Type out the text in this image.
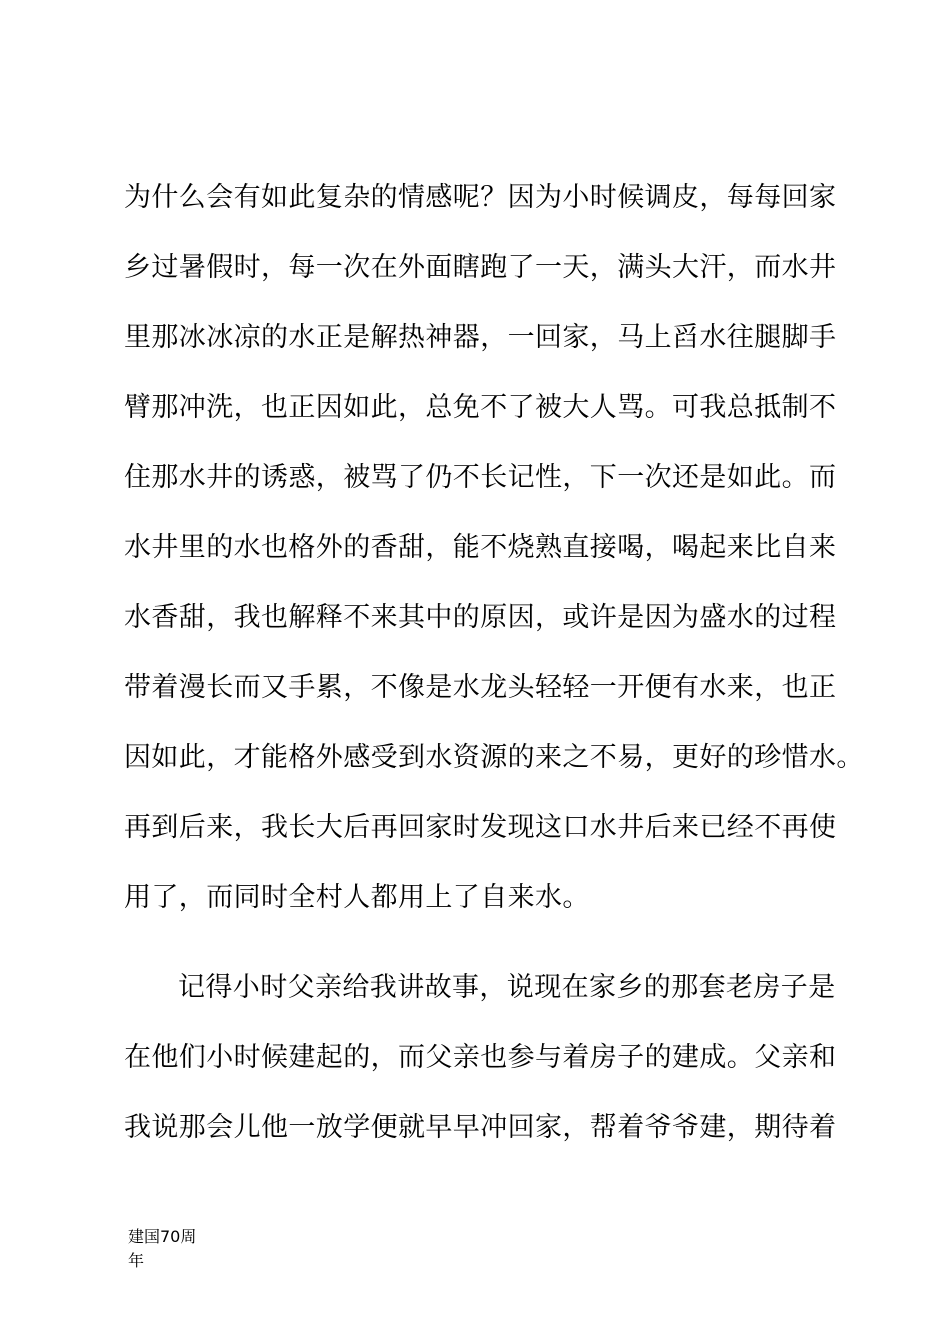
为什么会有如此复杂的情感呢？因为小时候调皮，每每回家
乡过暑假时，每一次在外面瞎跑了一天，满头大汗，而水井
里那冰冰凉的水正是解热神器，一回家，马上舀水往腿脚手
臂那冲洗，也正因如此，总免不了被大人骂。可我总抵制不
住那水井的诱惑，被骂了仍不长记性，下一次还是如此。而
水井里的水也格外的香甜，能不烧熟直接喝，喝起来比自来
水香甜，我也解释不来其中的原因，或许是因为盛水的过程
带着漫长而又手累，不像是水龙头轻轻一开便有水来，也正
因如此，才能格外感受到水资源的来之不易，更好的珍惜水。
再到后来，我长大后再回家时发现这口水井后来已经不再使
用了，而同时全村人都用上了自来水。
记得小时父亲给我讲故事，说现在家乡的那套老房子是
在他们小时候建起的，而父亲也参与着房子的建成。父亲和
我说那会儿他一放学便就早早冲回家，帮着爷爷建，期待着
建国70周
年
